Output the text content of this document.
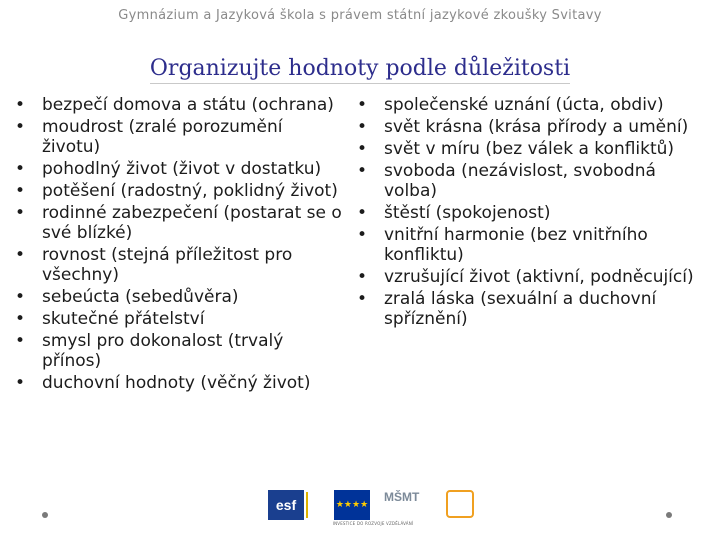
Gymnázium a Jazyková škola s právem státní jazykové zkoušky Svitavy
Organizujte hodnoty podle důležitosti
• bezpečí domova a státu (ochrana)
• moudrost (zralé porozumění životu)
• pohodlný život (život v dostatku)
• potěšení (radostný, poklidný život)
• rodinné zabezpečení (postarat se o své blízké)
• rovnost (stejná příležitost pro všechny)
• sebeúcta (sebedůvěra)
• skutečné přátelství
• smysl pro dokonalost (trvalý přínos)
• duchovní hodnoty (věčný život)
• společenské uznání (úcta, obdiv)
• svět krásna (krása přírody a umění)
• svět v míru (bez válek a konfliktů)
• svoboda (nezávislost, svobodná volba)
• štěstí (spokojenost)
• vnitřní harmonie (bez vnitřního konfliktu)
• vzrušující život (aktivní, podněcující)
• zralá láska (sexuální a duchovní spříznění)
esf	★★★★
MŠMT
INVESTICE DO ROZVOJE VZDĚLÁVÁNÍ
